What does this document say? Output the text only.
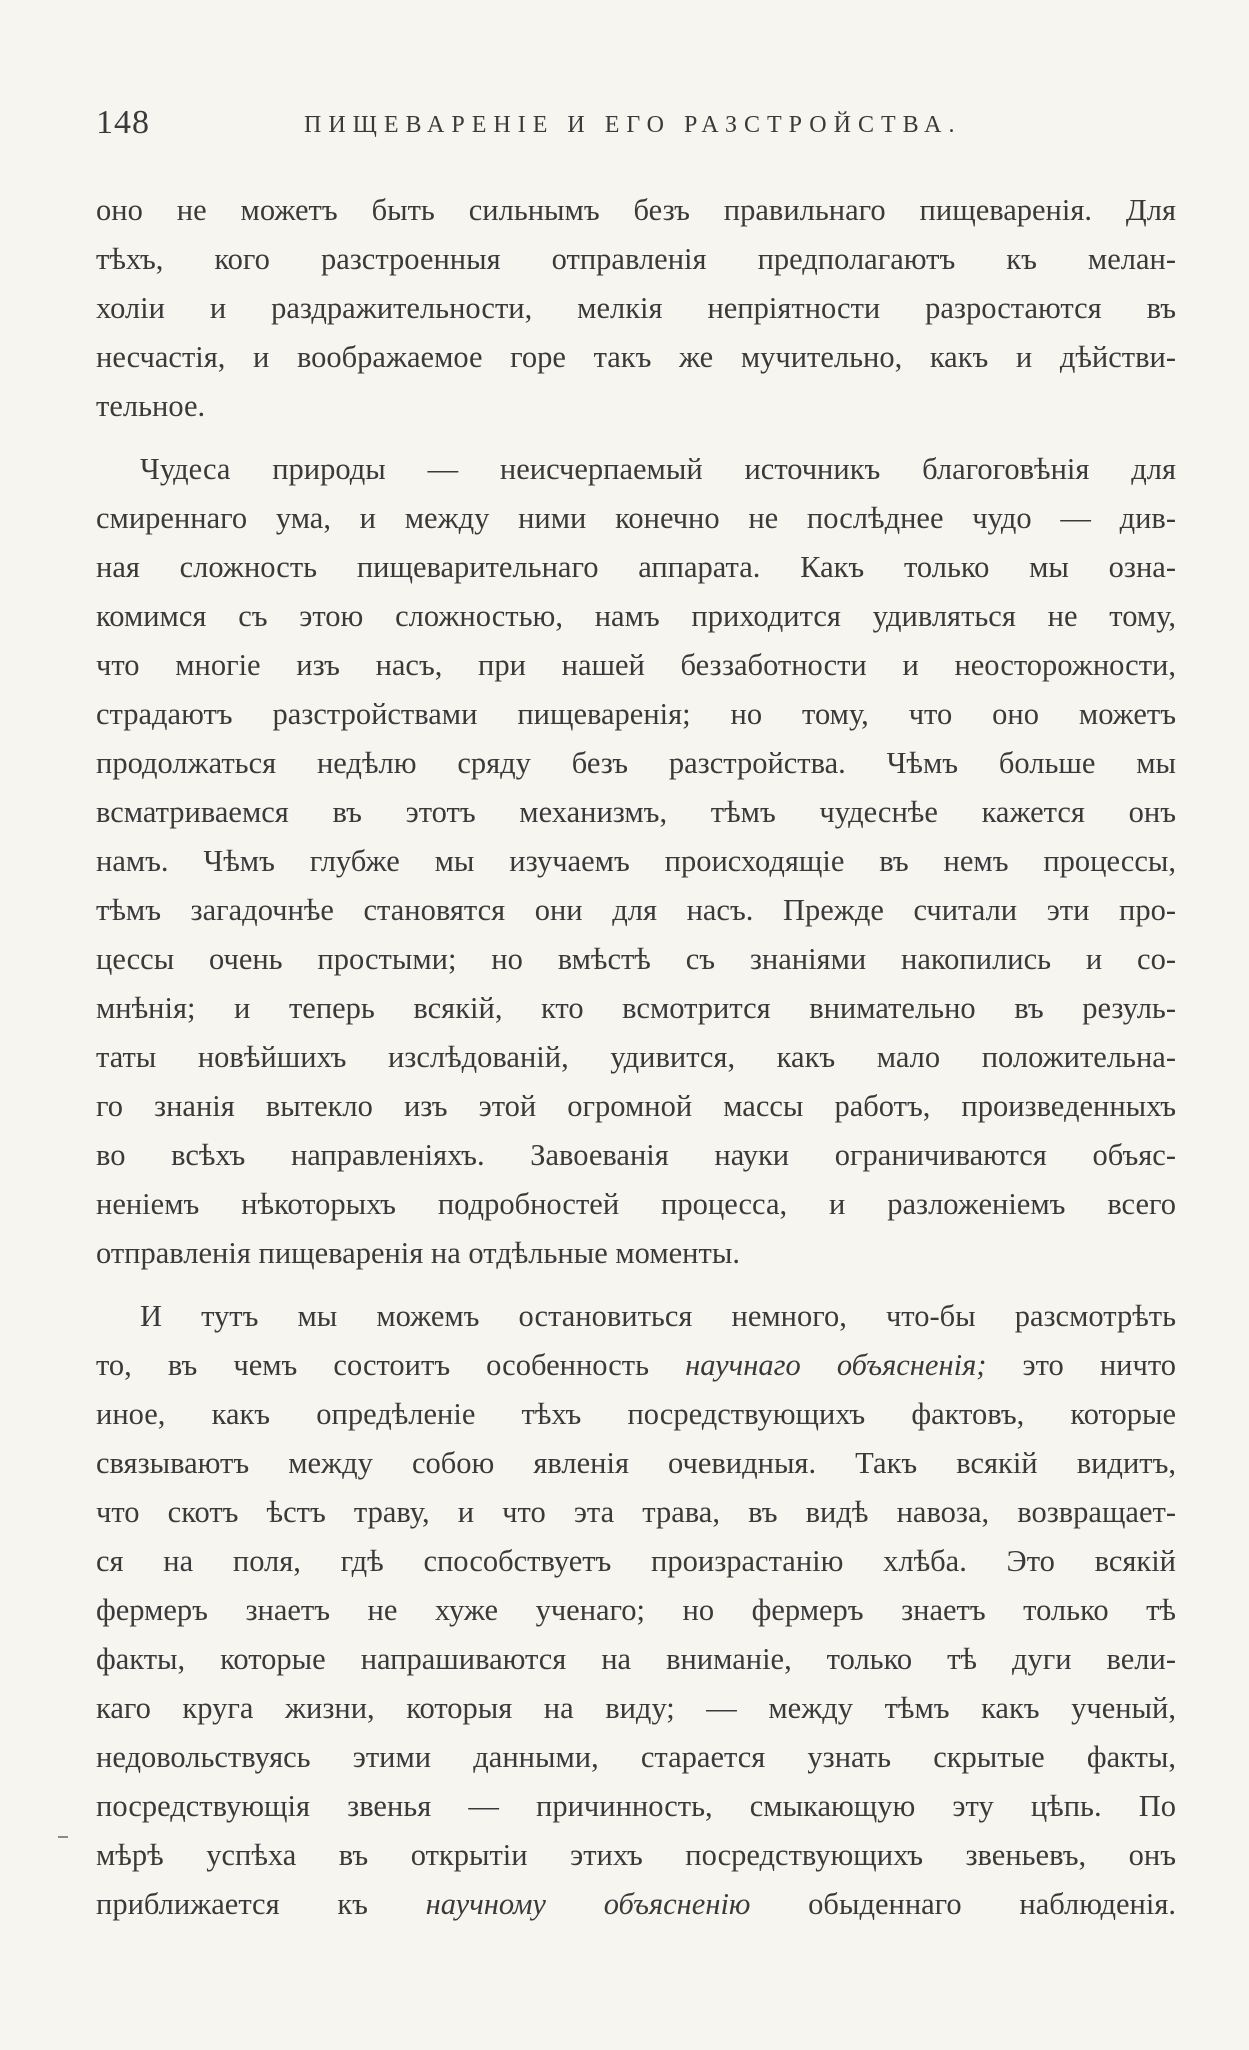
148	ПИЩЕВАРЕНІЕ И ЕГО РАЗСТРОЙСТВА.
оно не можетъ быть сильнымъ безъ правильнаго пищеваренія. Для
тѣхъ, кого разстроенныя отправленія предполагаютъ къ мелан-
холіи и раздражительности, мелкія непріятности разростаются въ
несчастія, и воображаемое горе такъ же мучительно, какъ и дѣйстви-
тельное.
Чудеса природы — неисчерпаемый источникъ благоговѣнія для
смиреннаго ума, и между ними конечно не послѣднее чудо — див-
ная сложность пищеварительнаго аппарата. Какъ только мы озна-
комимся съ этою сложностью, намъ приходится удивляться не тому,
что многіе изъ насъ, при нашей беззаботности и неосторожности,
страдаютъ разстройствами пищеваренія; но тому, что оно можетъ
продолжаться недѣлю сряду безъ разстройства. Чѣмъ больше мы
всматриваемся въ этотъ механизмъ, тѣмъ чудеснѣе кажется онъ
намъ. Чѣмъ глубже мы изучаемъ происходящіе въ немъ процессы,
тѣмъ загадочнѣе становятся они для насъ. Прежде считали эти про-
цессы очень простыми; но вмѣстѣ съ знаніями накопились и со-
мнѣнія; и теперь всякій, кто всмотрится внимательно въ резуль-
таты новѣйшихъ изслѣдованій, удивится, какъ мало положительна-
го знанія вытекло изъ этой огромной массы работъ, произведенныхъ
во всѣхъ направленіяхъ. Завоеванія науки ограничиваются объяс-
неніемъ нѣкоторыхъ подробностей процесса, и разложеніемъ всего
отправленія пищеваренія на отдѣльные моменты.
И тутъ мы можемъ остановиться немного, что-бы разсмотрѣть
то, въ чемъ состоитъ особенность научнаго объясненія; это ничто
иное, какъ опредѣленіе тѣхъ посредствующихъ фактовъ, которые
связываютъ между собою явленія очевидныя. Такъ всякій видитъ,
что скотъ ѣстъ траву, и что эта трава, въ видѣ навоза, возвращает-
ся на поля, гдѣ способствуетъ произрастанію хлѣба. Это всякій
фермеръ знаетъ не хуже ученаго; но фермеръ знаетъ только тѣ
факты, которые напрашиваются на вниманіе, только тѣ дуги вели-
каго круга жизни, которыя на виду; — между тѣмъ какъ ученый,
недовольствуясь этими данными, старается узнать скрытые факты,
посредствующія звенья — причинность, смыкающую эту цѣпь. По
мѣрѣ успѣха въ открытіи этихъ посредствующихъ звеньевъ, онъ
приближается къ научному объясненію обыденнаго наблюденія.
